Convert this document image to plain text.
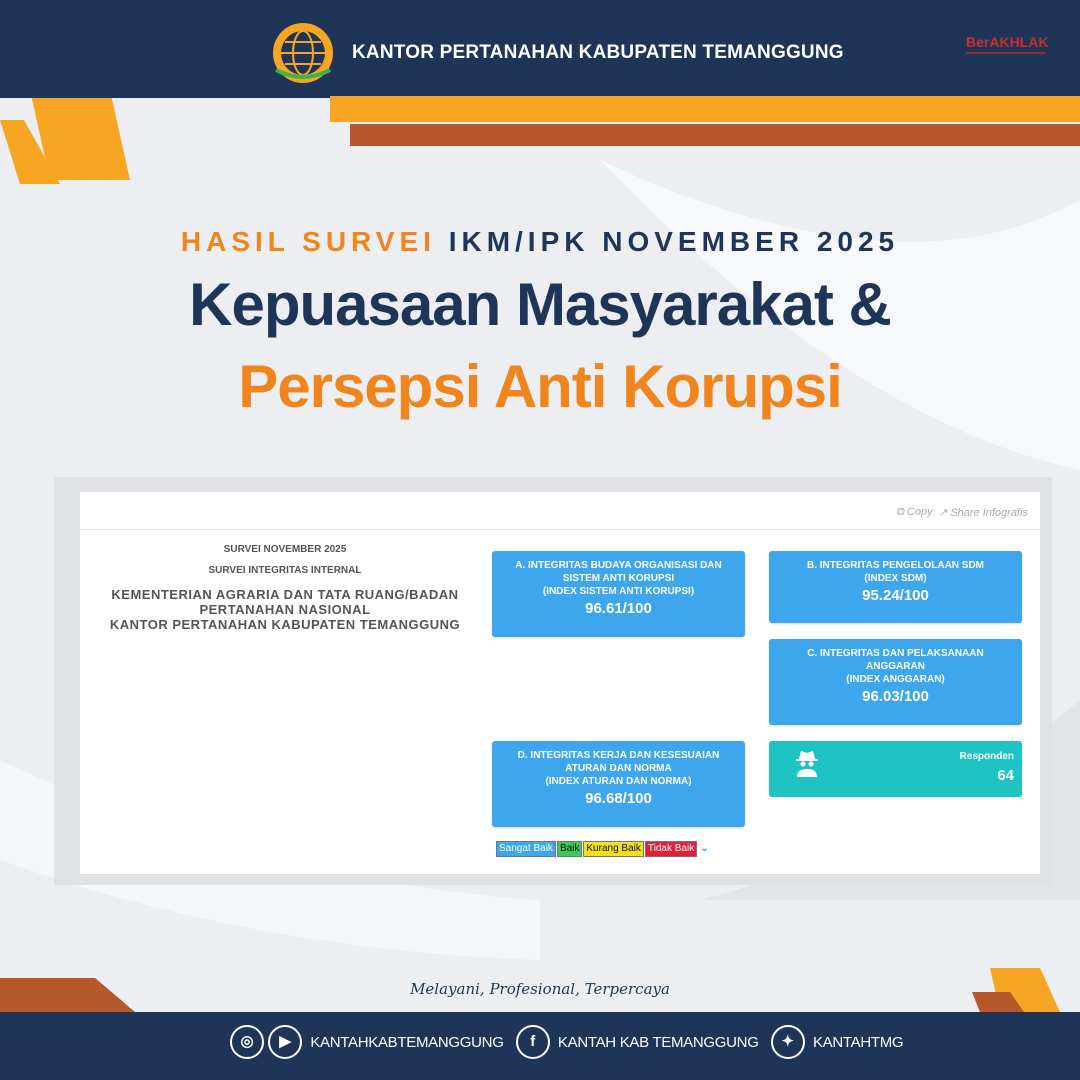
KANTOR PERTANAHAN KABUPATEN TEMANGGUNG	BerAKHLAK
HASIL SURVEI IKM/IPK NOVEMBER 2025
Kepuasaan Masyarakat &
Persepsi Anti Korupsi
⧉ Copy ↗ Share Infografis
SURVEI NOVEMBER 2025
SURVEI INTEGRITAS INTERNAL
KEMENTERIAN AGRARIA DAN TATA RUANG/BADAN
PERTANAHAN NASIONAL
KANTOR PERTANAHAN KABUPATEN TEMANGGUNG
A. INTEGRITAS BUDAYA ORGANISASI DAN
SISTEM ANTI KORUPSI
(INDEX SISTEM ANTI KORUPSI)
96.61/100
B. INTEGRITAS PENGELOLAAN SDM
(INDEX SDM)
95.24/100
C. INTEGRITAS DAN PELAKSANAAN
ANGGARAN
(INDEX ANGGARAN)
96.03/100
D. INTEGRITAS KERJA DAN KESESUAIAN
ATURAN DAN NORMA
(INDEX ATURAN DAN NORMA)
96.68/100
Responden
64
Sangat Baik Baik Kurang Baik Tidak Baik ⌄
Melayani, Profesional, Terpercaya
◎ ▶ KANTAHKABTEMANGGUNG f KANTAH KAB TEMANGGUNG ✦ KANTAHTMG
